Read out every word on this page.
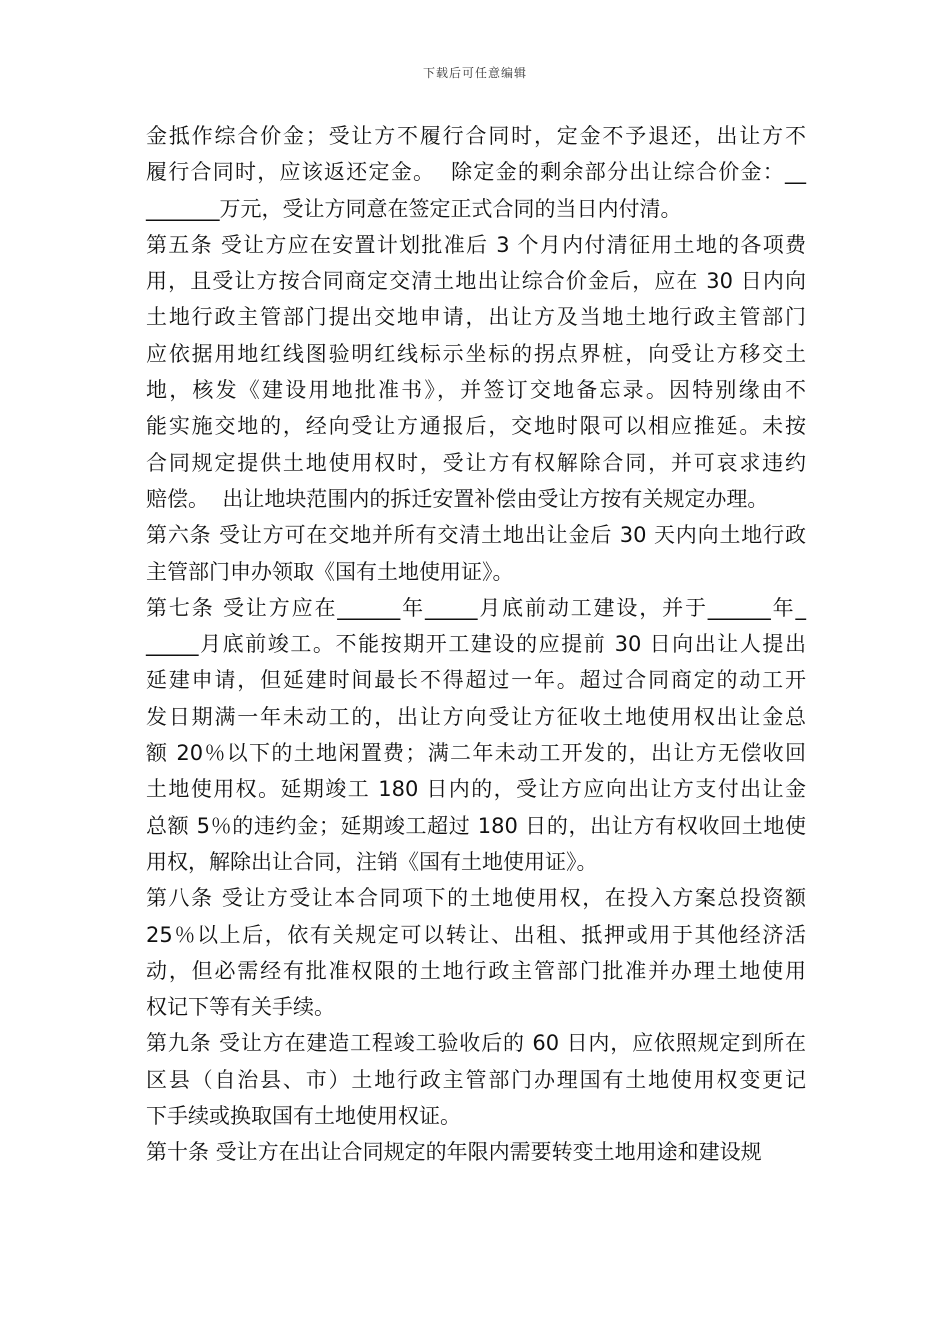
下载后可任意编辑
金抵作综合价金；受让方不履行合同时，定金不予退还，出让方不
履行合同时，应该返还定金。  除定金的剩余部分出让综合价金：__
_______万元，受让方同意在签定正式合同的当日内付清。
第五条 受让方应在安置计划批准后 3 个月内付清征用土地的各项费
用，且受让方按合同商定交清土地出让综合价金后，应在 30 日内向
土地行政主管部门提出交地申请，出让方及当地土地行政主管部门
应依据用地红线图验明红线标示坐标的拐点界桩，向受让方移交土
地，核发《建设用地批准书》，并签订交地备忘录。因特别缘由不
能实施交地的，经向受让方通报后，交地时限可以相应推延。未按
合同规定提供土地使用权时，受让方有权解除合同，并可哀求违约
赔偿。  出让地块范围内的拆迁安置补偿由受让方按有关规定办理。
第六条 受让方可在交地并所有交清土地出让金后 30 天内向土地行政
主管部门申办领取《国有土地使用证》。
第七条 受让方应在______年_____月底前动工建设，并于______年_
_____月底前竣工。不能按期开工建设的应提前 30 日向出让人提出
延建申请，但延建时间最长不得超过一年。超过合同商定的动工开
发日期满一年未动工的，出让方向受让方征收土地使用权出让金总
额 20％以下的土地闲置费；满二年未动工开发的，出让方无偿收回
土地使用权。延期竣工 180 日内的，受让方应向出让方支付出让金
总额 5％的违约金；延期竣工超过 180 日的，出让方有权收回土地使
用权，解除出让合同，注销《国有土地使用证》。
第八条 受让方受让本合同项下的土地使用权，在投入方案总投资额
25％以上后，依有关规定可以转让、出租、抵押或用于其他经济活
动，但必需经有批准权限的土地行政主管部门批准并办理土地使用
权记下等有关手续。
第九条 受让方在建造工程竣工验收后的 60 日内，应依照规定到所在
区县（自治县、市）土地行政主管部门办理国有土地使用权变更记
下手续或换取国有土地使用权证。
第十条 受让方在出让合同规定的年限内需要转变土地用途和建设规
